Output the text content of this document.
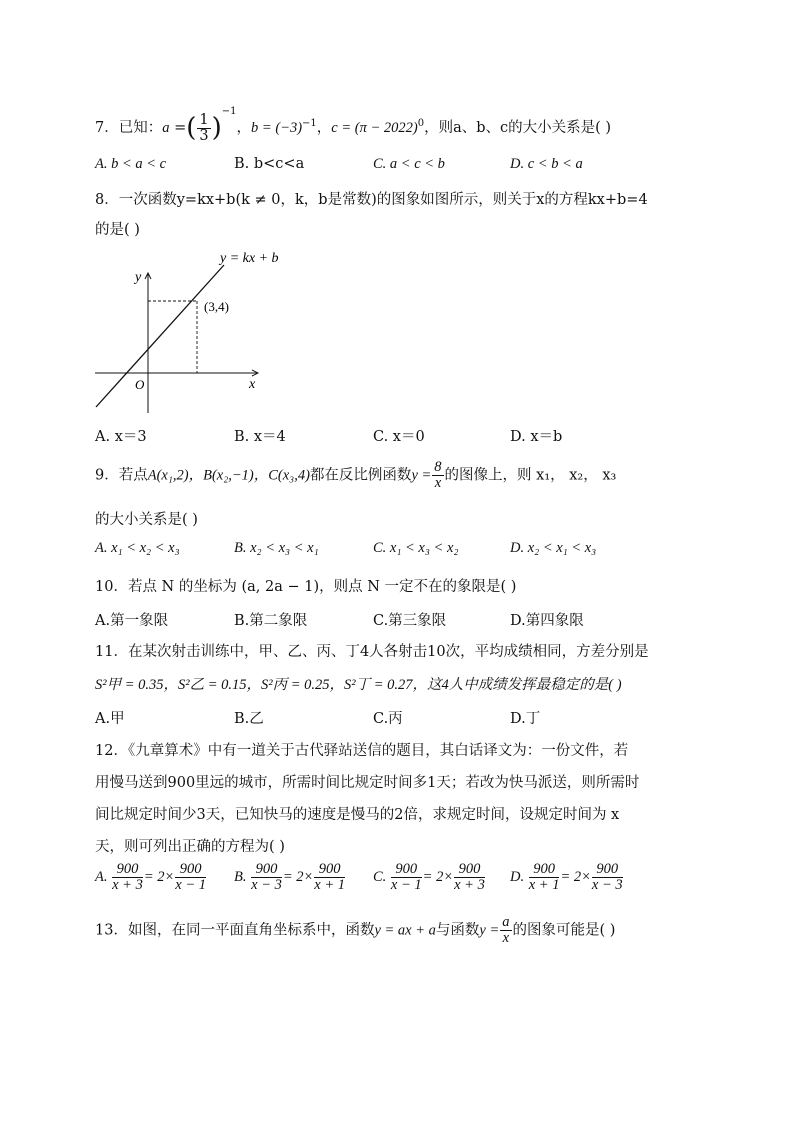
7．已知：a =( $\frac{1}{3} )^{-1}$，$b = (-3)^{-1}$，$c = (\pi - 2022)^0$，则a、b、c的大小关系是( )
A. b < a < c	B. b<c<a	C. a < c < b	D. c < b < a
8．一次函数y=kx+b(k ≠ 0，k，b是常数)的图象如图所示，则关于x的方程kx+b=4
的是( )
y = kx + b
(3,4)
y
x
O
A. x＝3	B. x＝4	C. x＝0	D. x＝b
9．若点A(x₁,2)，B(x₂,−1)，C(x₃,4)都在反比例函数$y = \frac{8}{x}$ 的图像上，则 x₁， x₂， x₃
的大小关系是( )
A. x₁ < x₂ < x₃	B. x₂ < x₃ < x₁	C. x₁ < x₃ < x₂	D. x₂ < x₁ < x₃
10．若点 N 的坐标为 (a, 2a − 1)，则点 N 一定不在的象限是( )
A.第一象限	B.第二象限	C.第三象限	D.第四象限
11．在某次射击训练中，甲、乙、丙、丁4人各射击10次，平均成绩相同，方差分别是
S²甲 = 0.35，S²乙 = 0.15，S²丙 = 0.25，S²丁 = 0.27，这4人中成绩发挥最稳定的是( )
A.甲	B.乙	C.丙	D.丁
12．《九章算术》中有一道关于古代驿站送信的题目，其白话译文为：一份文件，若
用慢马送到900里远的城市，所需时间比规定时间多1天；若改为快马派送，则所需时
间比规定时间少3天，已知快马的速度是慢马的2倍，求规定时间，设规定时间为 x
天，则可列出正确的方程为( )
A. $\frac{900}{x + 3} = 2\times \frac{900}{x - 1} B$. $\frac{900}{x - 3} = 2\times \frac{900}{x + 1} C$. $\frac{900}{x - 1} = 2\times \frac{900}{x + 3} D$. $\frac{900}{x + 1} = 2\times \frac{900}{x - 3}$
13．如图，在同一平面直角坐标系中，函数y = ax + a与函数$y = \frac{a}{x}$ 的图象可能是( )
